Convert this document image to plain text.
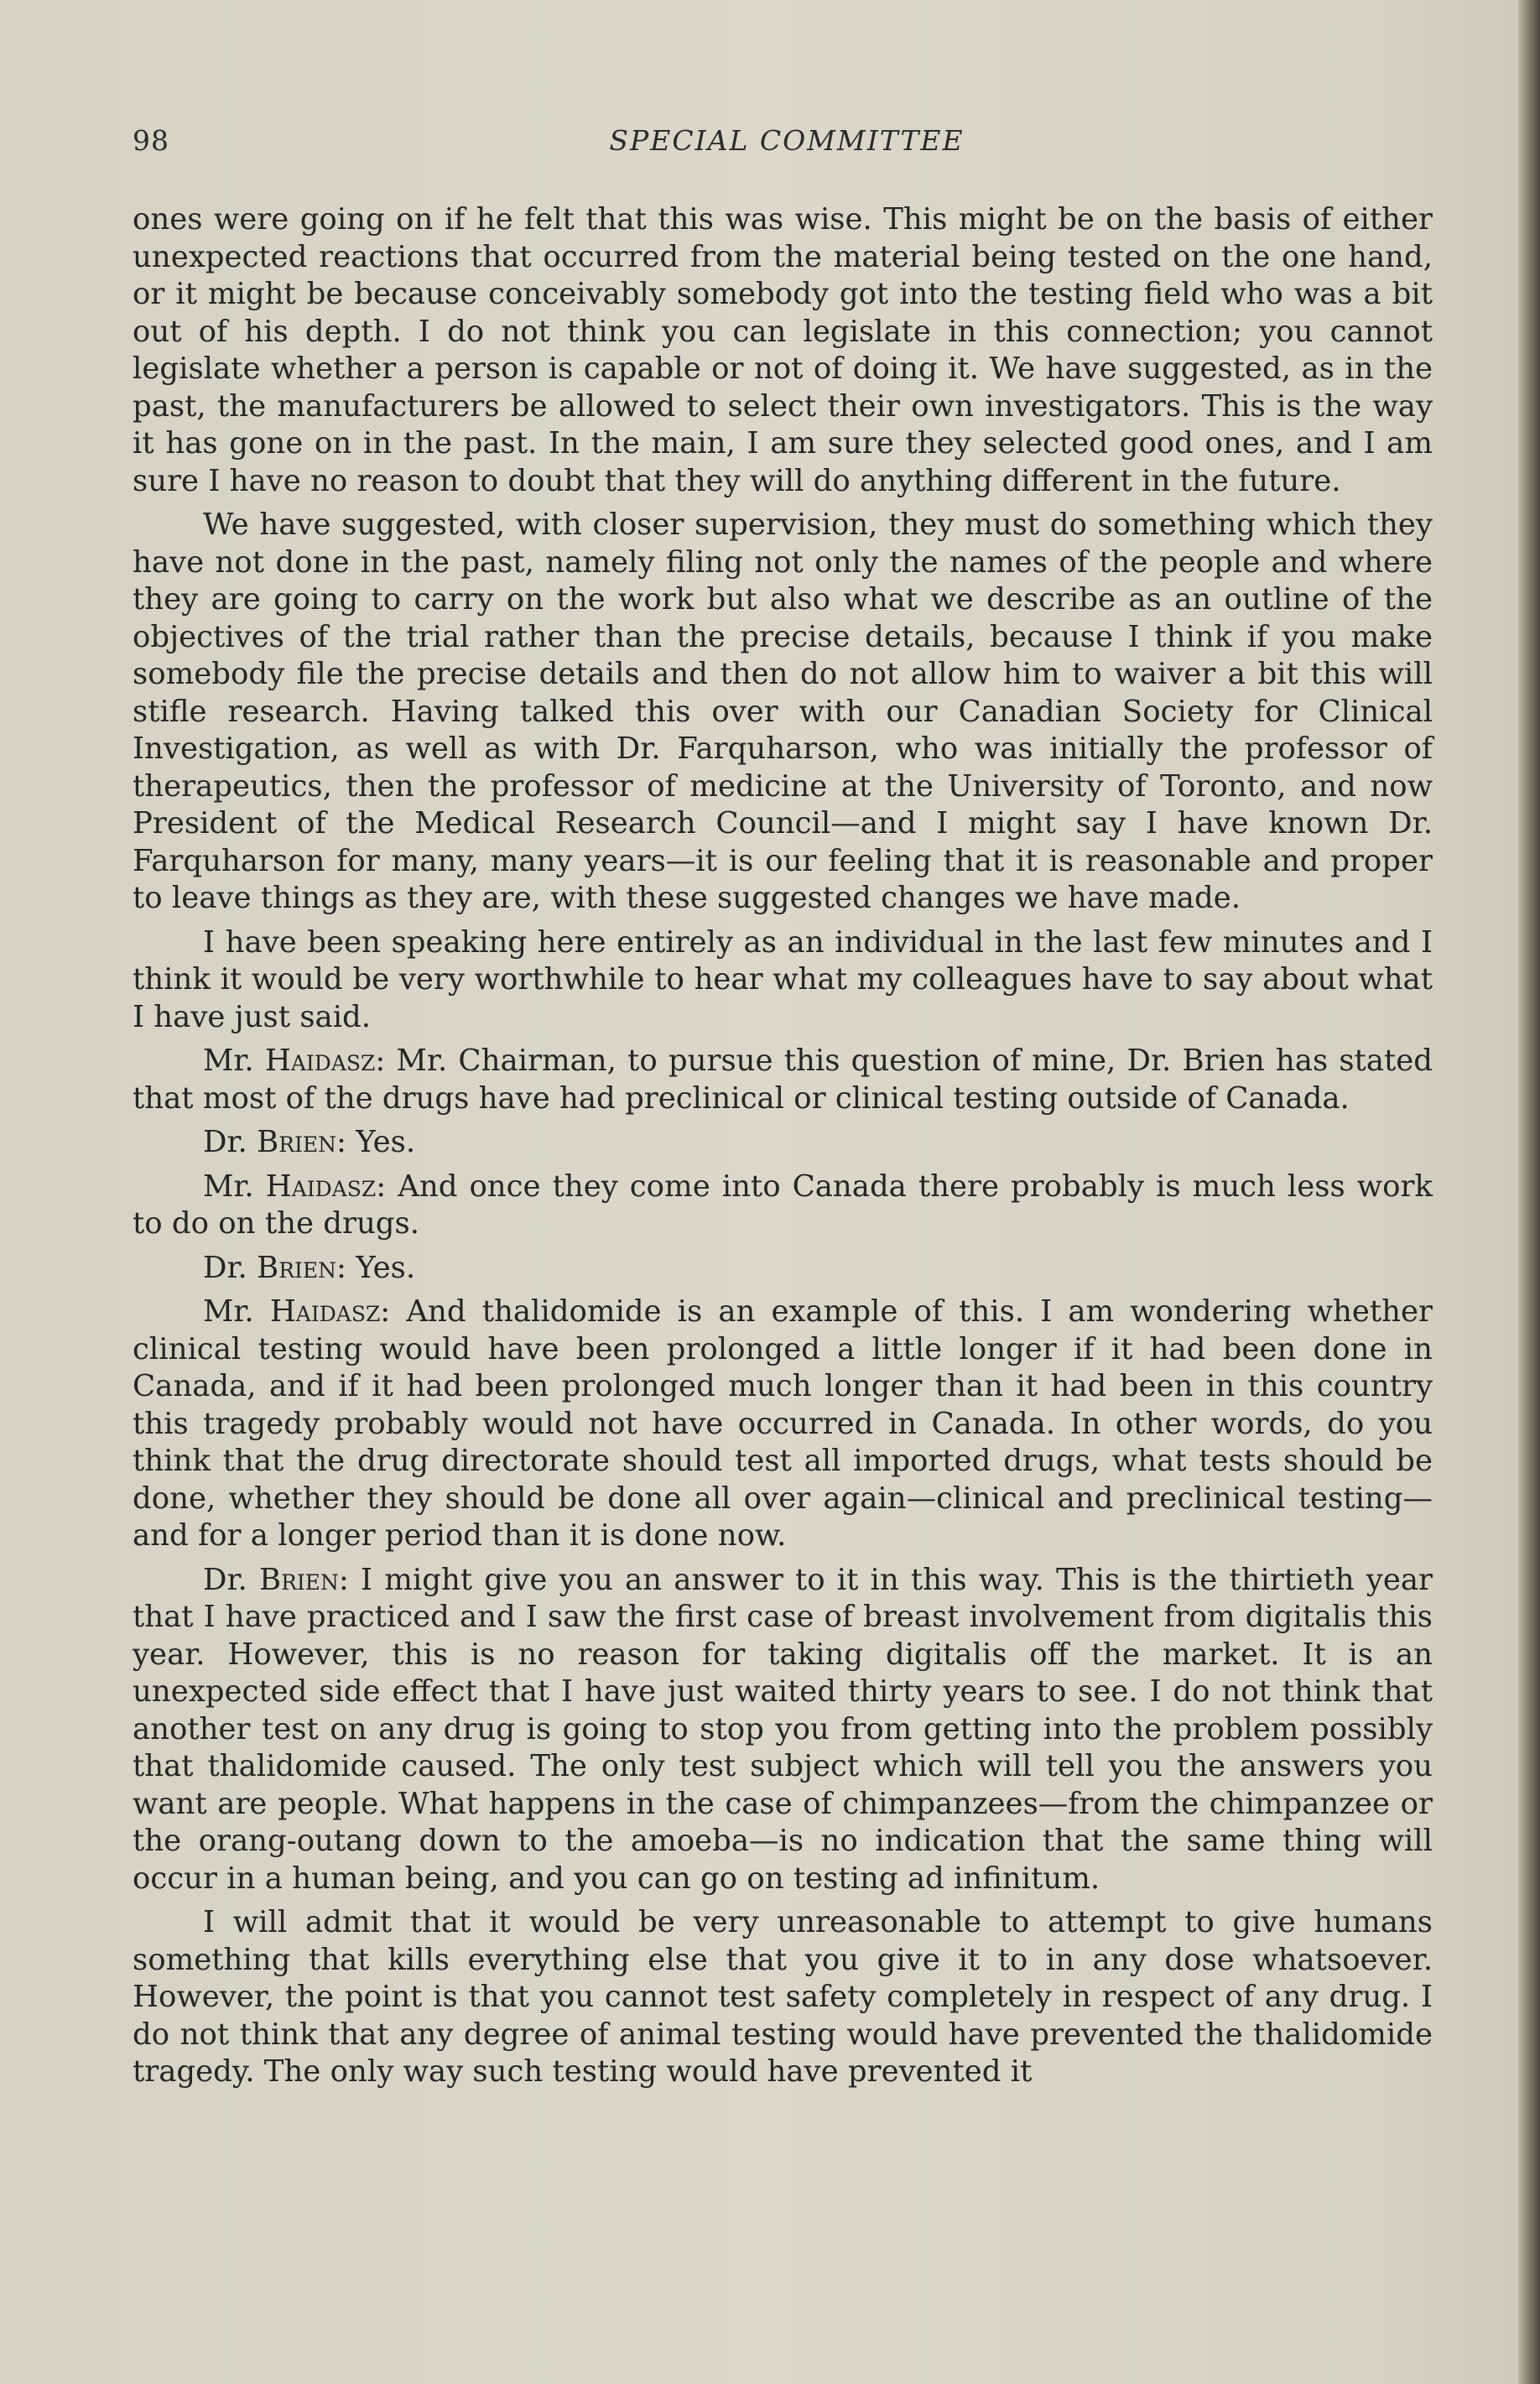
98	SPECIAL COMMITTEE

ones were going on if he felt that this was wise. This might be on the basis of either unexpected reactions that occurred from the material being tested on the one hand, or it might be because conceivably somebody got into the testing field who was a bit out of his depth. I do not think you can legislate in this connection; you cannot legislate whether a person is capable or not of doing it. We have suggested, as in the past, the manufacturers be allowed to select their own investigators. This is the way it has gone on in the past. In the main, I am sure they selected good ones, and I am sure I have no reason to doubt that they will do anything different in the future.

We have suggested, with closer supervision, they must do something which they have not done in the past, namely filing not only the names of the people and where they are going to carry on the work but also what we describe as an outline of the objectives of the trial rather than the precise details, because I think if you make somebody file the precise details and then do not allow him to waiver a bit this will stifle research. Having talked this over with our Canadian Society for Clinical Investigation, as well as with Dr. Farquharson, who was initially the professor of therapeutics, then the professor of medicine at the University of Toronto, and now President of the Medical Research Council—and I might say I have known Dr. Farquharson for many, many years—it is our feeling that it is reasonable and proper to leave things as they are, with these suggested changes we have made.

I have been speaking here entirely as an individual in the last few minutes and I think it would be very worthwhile to hear what my colleagues have to say about what I have just said.

Mr. Haidasz: Mr. Chairman, to pursue this question of mine, Dr. Brien has stated that most of the drugs have had preclinical or clinical testing outside of Canada.

Dr. Brien: Yes.

Mr. Haidasz: And once they come into Canada there probably is much less work to do on the drugs.

Dr. Brien: Yes.

Mr. Haidasz: And thalidomide is an example of this. I am wondering whether clinical testing would have been prolonged a little longer if it had been done in Canada, and if it had been prolonged much longer than it had been in this country this tragedy probably would not have occurred in Canada. In other words, do you think that the drug directorate should test all imported drugs, what tests should be done, whether they should be done all over again—clinical and preclinical testing—and for a longer period than it is done now.

Dr. Brien: I might give you an answer to it in this way. This is the thirtieth year that I have practiced and I saw the first case of breast involvement from digitalis this year. However, this is no reason for taking digitalis off the market. It is an unexpected side effect that I have just waited thirty years to see. I do not think that another test on any drug is going to stop you from getting into the problem possibly that thalidomide caused. The only test subject which will tell you the answers you want are people. What happens in the case of chimpanzees—from the chimpanzee or the orang-outang down to the amoeba—is no indication that the same thing will occur in a human being, and you can go on testing ad infinitum.

I will admit that it would be very unreasonable to attempt to give humans something that kills everything else that you give it to in any dose whatsoever. However, the point is that you cannot test safety completely in respect of any drug. I do not think that any degree of animal testing would have prevented the thalidomide tragedy. The only way such testing would have prevented it
